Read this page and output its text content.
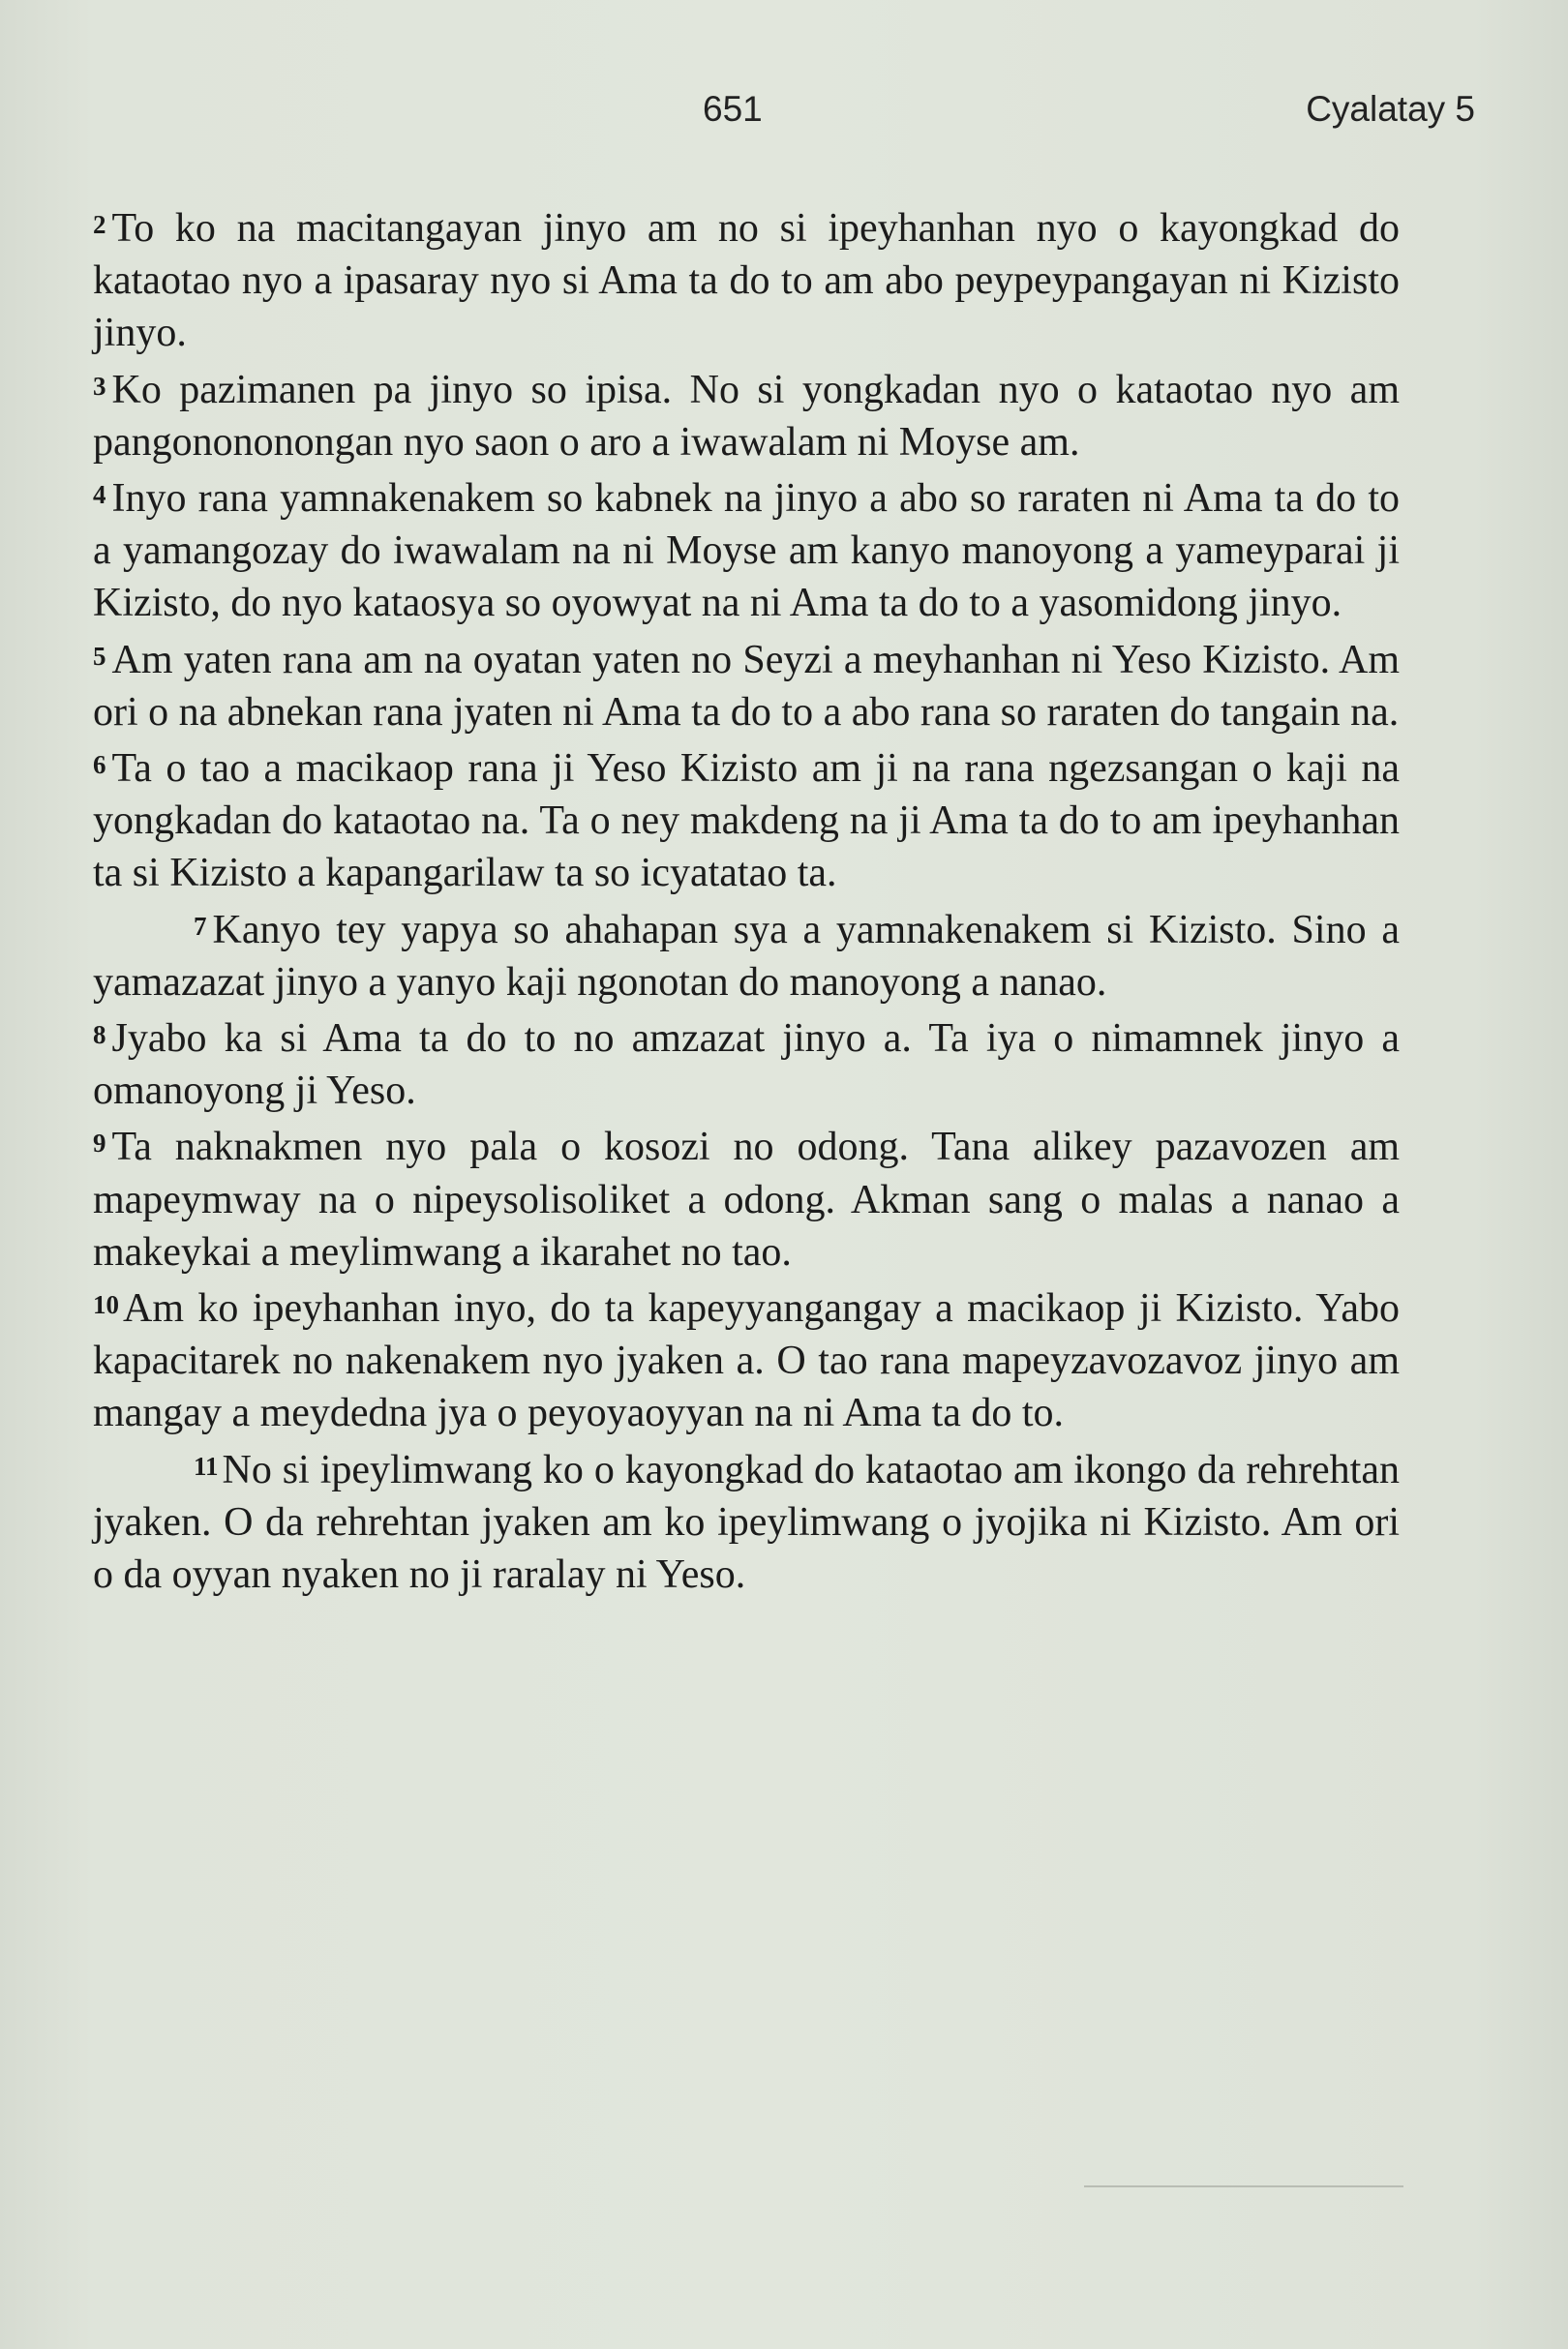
651	Cyalatay 5

2 To ko na macitangayan jinyo am no si ipeyhanhan nyo o kayongkad do kataotao nyo a ipasaray nyo si Ama ta do to am abo peypeypangayan ni Kizisto jinyo.

3 Ko pazimanen pa jinyo so ipisa. No si yongkadan nyo o kataotao nyo am pangonononongan nyo saon o aro a iwawalam ni Moyse am.

4 Inyo rana yamnakenakem so kabnek na jinyo a abo so raraten ni Ama ta do to a yamangozay do iwawalam na ni Moyse am kanyo manoyong a yameyparai ji Kizisto, do nyo kataosya so oyowyat na ni Ama ta do to a yasomidong jinyo.

5 Am yaten rana am na oyatan yaten no Seyzi a meyhanhan ni Yeso Kizisto. Am ori o na abnekan rana jyaten ni Ama ta do to a abo rana so raraten do tangain na.

6 Ta o tao a macikaop rana ji Yeso Kizisto am ji na rana ngezsangan o kaji na yongkadan do kataotao na. Ta o ney makdeng na ji Ama ta do to am ipeyhanhan ta si Kizisto a kapangarilaw ta so icyatatao ta.

7 Kanyo tey yapya so ahahapan sya a yamnakenakem si Kizisto. Sino a yamazazat jinyo a yanyo kaji ngonotan do manoyong a nanao.

8 Jyabo ka si Ama ta do to no amzazat jinyo a. Ta iya o nimamnek jinyo a omanoyong ji Yeso.

9 Ta naknakmen nyo pala o kosozi no odong. Tana alikey pazavozen am mapeymway na o nipeysolisoliket a odong. Akman sang o malas a nanao a makeykai a meylimwang a ikarahet no tao.

10Am ko ipeyhanhan inyo, do ta kapeyyangangay a macikaop ji Kizisto. Yabo kapacitarek no nakenakem nyo jyaken a. O tao rana mapeyzavozavoz jinyo am mangay a meydedna jya o peyoyaoyyan na ni Ama ta do to.

11No si ipeylimwang ko o kayongkad do kataotao am ikongo da rehrehtan jyaken. O da rehrehtan jyaken am ko ipeylimwang o jyojika ni Kizisto. Am ori o da oyyan nyaken no ji raralay ni Yeso.
